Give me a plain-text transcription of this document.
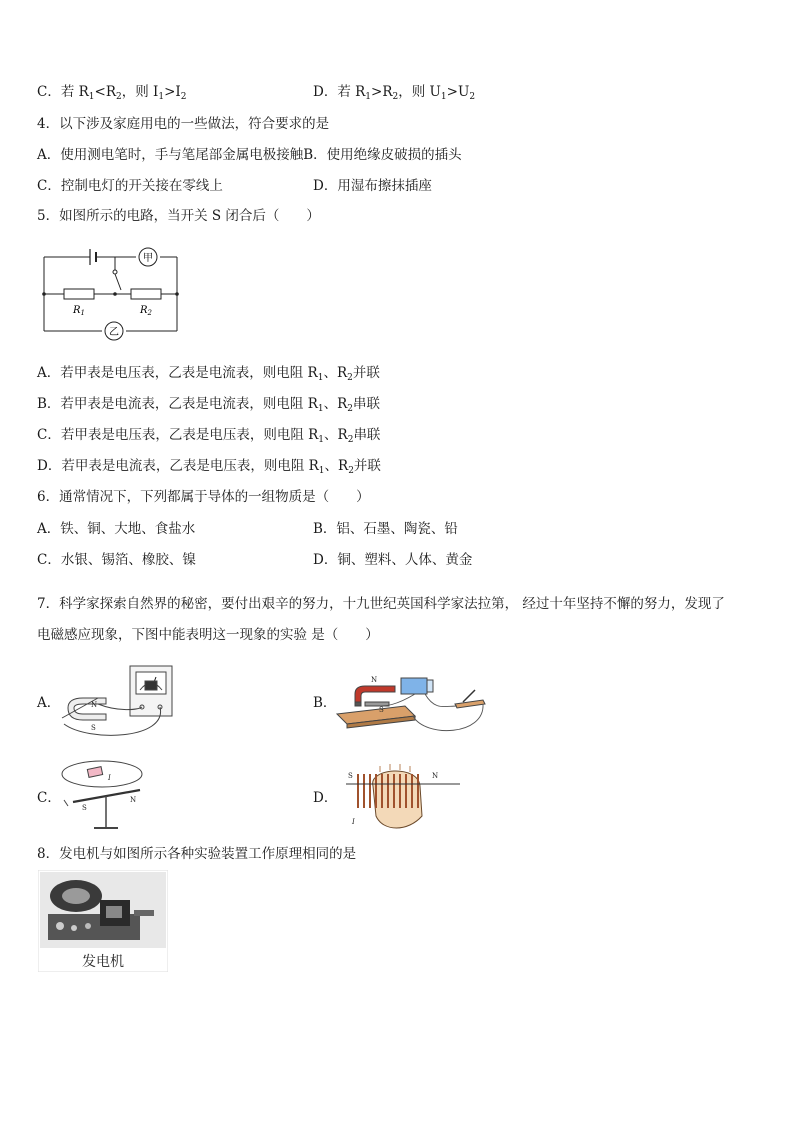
C．若 $R_1<R_2$，则 $I_1>I_2$	D．若 $R_1>R_2$，则 $U_1>U_2$
4．以下涉及家庭用电的一些做法，符合要求的是
A．使用测电笔时，手与笔尾部金属电极接触B．使用绝缘皮破损的插头
C．控制电灯的开关接在零线上	D．用湿布擦抹插座
5．如图所示的电路，当开关 S 闭合后（　　）
甲
乙
$R_1$	$R_2$
A．若甲表是电压表，乙表是电流表，则电阻 $R_1$、$R_2$并联
B．若甲表是电流表，乙表是电流表，则电阻 $R_1$、$R_2$串联
C．若甲表是电压表，乙表是电压表，则电阻 $R_1$、$R_2$串联
D．若甲表是电流表，乙表是电压表，则电阻 $R_1$、$R_2$并联
6．通常情况下，下列都属于导体的一组物质是（　　）
A．铁、铜、大地、食盐水	B．铝、石墨、陶瓷、铅
C．水银、锡箔、橡胶、镍	D．铜、塑料、人体、黄金
7．科学家探索自然界的秘密，要付出艰辛的努力，十九世纪英国科学家法拉第， 经过十年坚持不懈的努力，发现了
电磁感应现象，下图中能表明这一现象的实验 是（　　）
A．	N
S
B．
N
S
C．
I
S
N	D．
S	N
I
8．发电机与如图所示各种实验装置工作原理相同的是
发电机
